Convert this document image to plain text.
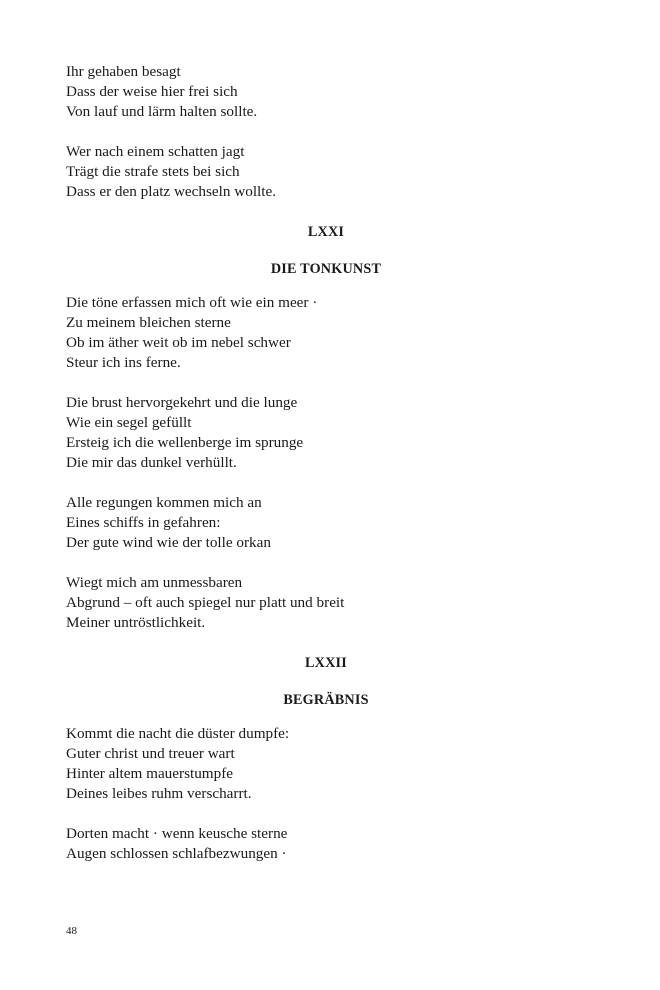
Ihr gehaben besagt
Dass der weise hier frei sich
Von lauf und lärm halten sollte.
Wer nach einem schatten jagt
Trägt die strafe stets bei sich
Dass er den platz wechseln wollte.
LXXI
DIE TONKUNST
Die töne erfassen mich oft wie ein meer ·
Zu meinem bleichen sterne
Ob im äther weit ob im nebel schwer
Steur ich ins ferne.
Die brust hervorgekehrt und die lunge
Wie ein segel gefüllt
Ersteig ich die wellenberge im sprunge
Die mir das dunkel verhüllt.
Alle regungen kommen mich an
Eines schiffs in gefahren:
Der gute wind wie der tolle orkan
Wiegt mich am unmessbaren
Abgrund – oft auch spiegel nur platt und breit
Meiner untröstlichkeit.
LXXII
BEGRÄBNIS
Kommt die nacht die düster dumpfe:
Guter christ und treuer wart
Hinter altem mauerstumpfe
Deines leibes ruhm verscharrt.
Dorten macht · wenn keusche sterne
Augen schlossen schlafbezwungen ·
48
